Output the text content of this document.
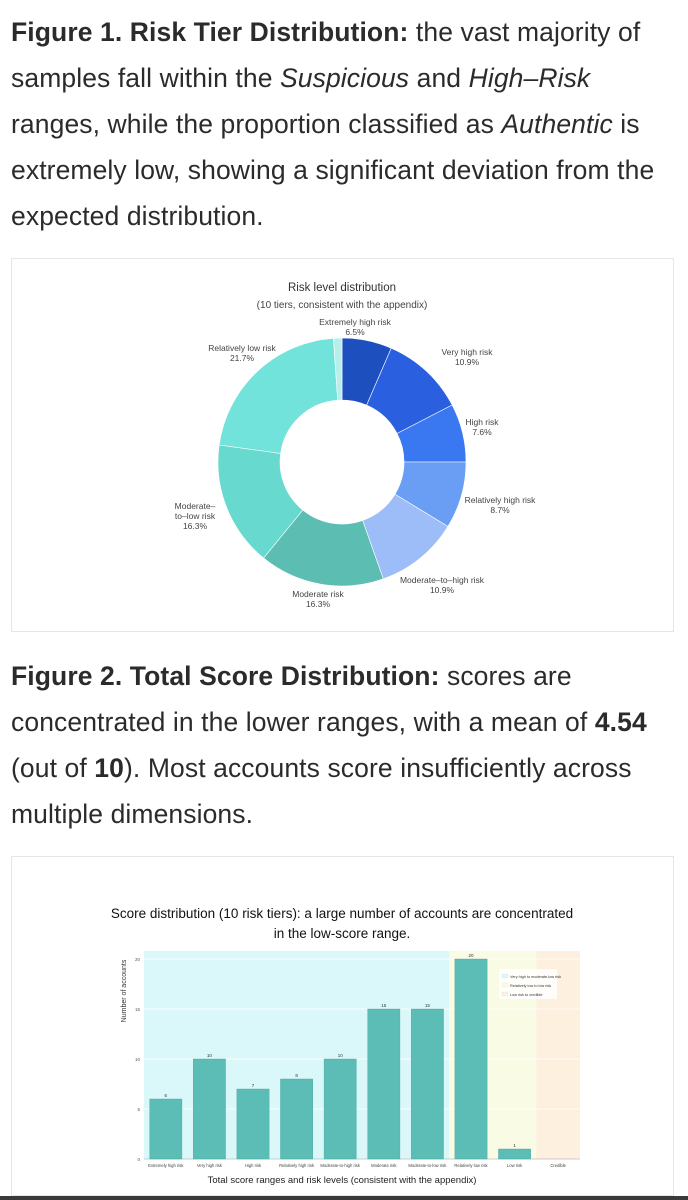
Figure 1. Risk Tier Distribution: the vast majority of samples fall within the Suspicious and High–Risk ranges, while the proportion classified as Authentic is extremely low, showing a significant deviation from the expected distribution.
Risk level distribution
(10 tiers, consistent with the appendix)
Extremely high risk
6.5%
Very high risk
10.9%
High risk
7.6%
Relatively high risk
8.7%
Moderate–to–high risk
10.9%
Moderate risk
16.3%
Moderate–
to–low risk
16.3%
Relatively low risk
21.7%
Figure 2. Total Score Distribution: scores are concentrated in the lower ranges, with a mean of 4.54 (out of 10). Most accounts score insufficiently across multiple dimensions.
0
5
10
15
20
6
10
7
8
10
15	15
20
1
Extremely high risk	Very high risk	High risk	Relatively high risk Moderate-to-high risk	Moderate risk	Moderate-to-low risk Relatively low risk	Low risk	Credible
Very high to moderate-low risk
Relatively low to low risk
Low risk to credible
Score distribution (10 risk tiers): a large number of accounts are concentrated
in the low-score range.
Total score ranges and risk levels (consistent with the appendix)
Number of accounts
